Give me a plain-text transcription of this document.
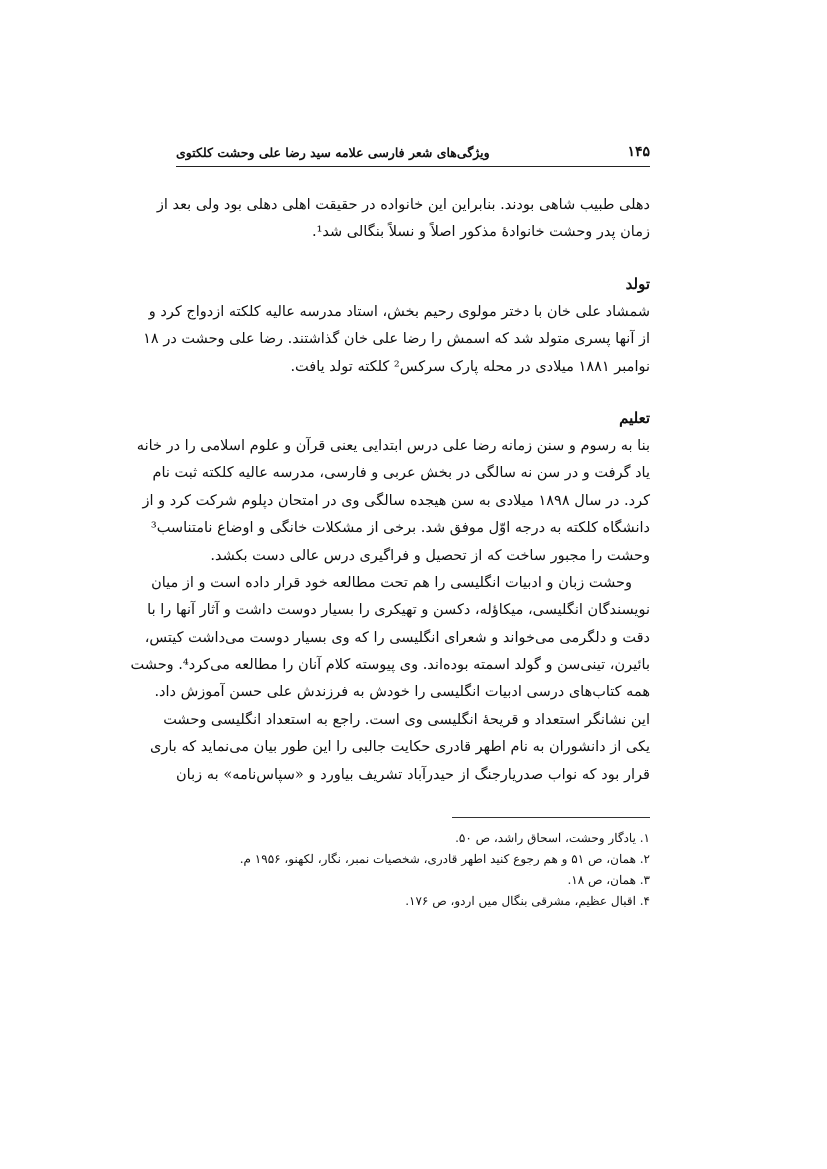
۱۴۵
ویژگی‌های شعر فارسی علامه سید رضا علی وحشت کلکتوی
دهلی طبیب شاهی بودند. بنابراین این خانواده در حقیقت اهلی دهلی بود ولی بعد از
زمان پدر وحشت خانوادهٔ مذکور اصلاً و نسلاً بنگالی شد¹.
تولد
شمشاد علی خان با دختر مولوی رحیم بخش، استاد مدرسه عالیه کلکته ازدواج کرد و
از آنها پسری متولد شد که اسمش را رضا علی خان گذاشتند. رضا علی وحشت در ۱۸
نوامبر ۱۸۸۱ میلادی در محله پارک سرکس² کلکته تولد یافت.
تعلیم
بنا به رسوم و سنن زمانه رضا علی درس ابتدایی یعنی قرآن و علوم اسلامی را در خانه
یاد گرفت و در سن نه سالگی در بخش عربی و فارسی، مدرسه عالیه کلکته ثبت نام
کرد. در سال ۱۸۹۸ میلادی به سن هیجده سالگی وی در امتحان دپلوم شرکت کرد و از
دانشگاه کلکته به درجه اوّل موفق شد. برخی از مشکلات خانگی و اوضاع نامتناسب³
وحشت را مجبور ساخت که از تحصیل و فراگیری درس عالی دست بکشد.
وحشت زبان و ادبیات انگلیسی را هم تحت مطالعه خود قرار داده است و از میان
نویسندگان انگلیسی، میکاؤله، دکسن و تهیکری را بسیار دوست داشت و آثار آنها را با
دقت و دلگرمی می‌خواند و شعرای انگلیسی را که وی بسیار دوست می‌داشت کیتس،
بائیرن، تینی‌سن و گولد اسمته بوده‌اند. وی پیوسته کلام آنان را مطالعه می‌کرد⁴. وحشت
همه کتاب‌های درسی ادبیات انگلیسی را خودش به فرزندش علی حسن آموزش داد.
این نشانگر استعداد و قریحهٔ انگلیسی وی است. راجع به استعداد انگلیسی وحشت
یکی از دانشوران به نام اطهر قادری حکایت جالبی را این طور بیان می‌نماید که باری
قرار بود که نواب صدریارجنگ از حیدرآباد تشریف بیاورد و «سپاس‌نامه» به زبان
۱. یادگار وحشت، اسحاق راشد، ص ۵۰.
۲. همان، ص ۵۱ و هم رجوع کنید اطهر قادری، شخصیات نمبر، نگار، لکهنو، ۱۹۵۶ م.
۳. همان، ص ۱۸.
۴. اقبال عظیم، مشرقی بنگال میں اردو، ص ۱۷۶.
